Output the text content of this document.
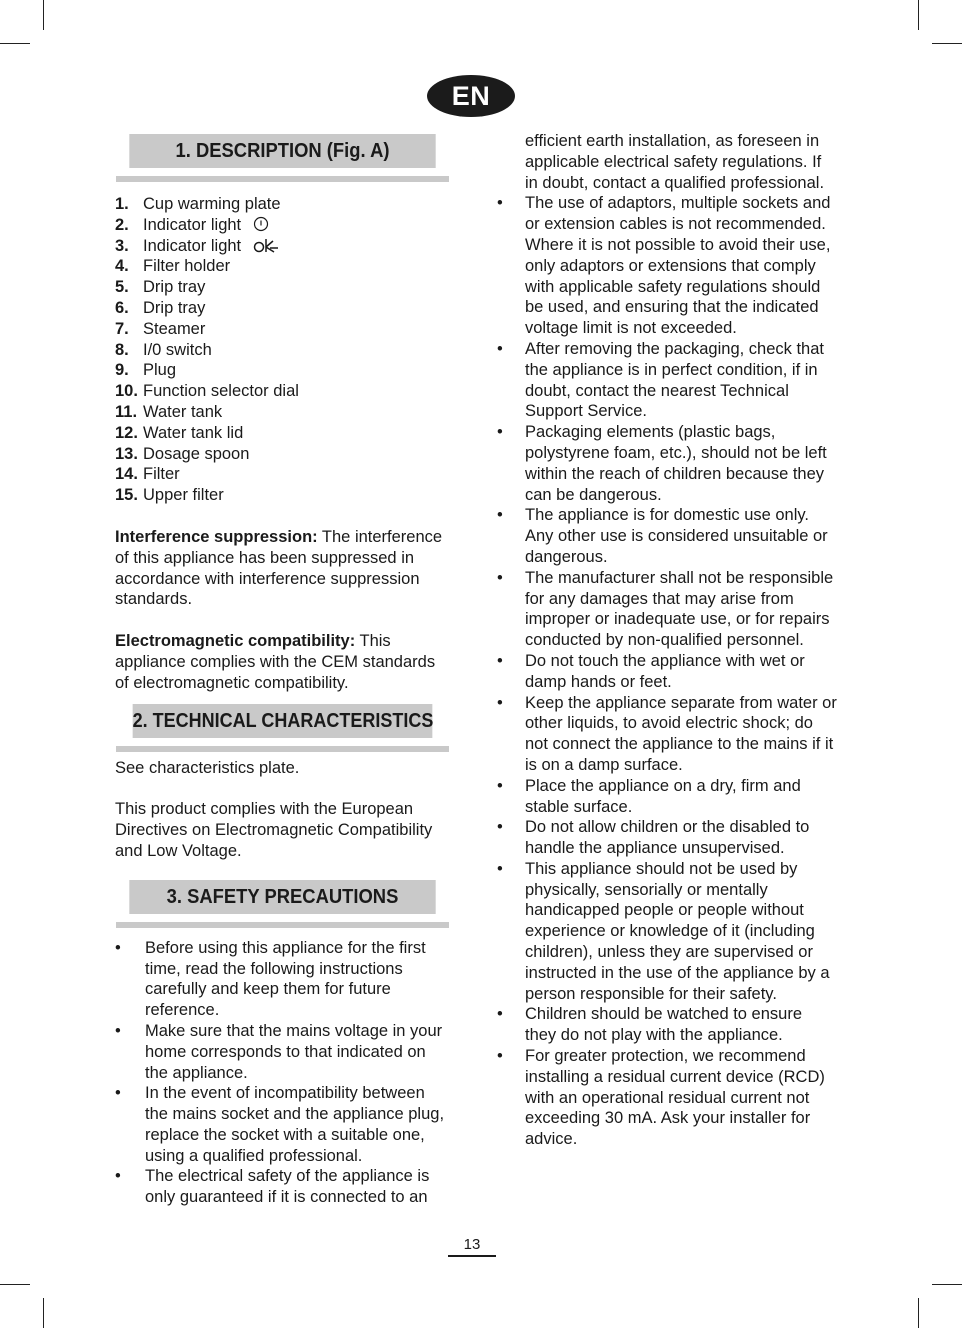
EN
1. DESCRIPTION (Fig. A)
1. Cup warming plate
2. Indicator light
3. Indicator light
4. Filter holder
5. Drip tray
6. Drip tray
7. Steamer
8. I/0 switch
9. Plug
10. Function selector dial
11. Water tank
12. Water tank lid
13. Dosage spoon
14. Filter
15. Upper filter

Interference suppression: The interference of this appliance has been suppressed in accordance with interference suppression standards.

Electromagnetic compatibility: This appliance complies with the CEM standards of electromagnetic compatibility.

2. TECHNICAL CHARACTERISTICS

See characteristics plate.

This product complies with the European Directives on Electromagnetic Compatibility and Low Voltage.

3. SAFETY PRECAUTIONS
• Before using this appliance for the first time, read the following instructions carefully and keep them for future reference.
• Make sure that the mains voltage in your home corresponds to that indicated on the appliance.
• In the event of incompatibility between the mains socket and the appliance plug, replace the socket with a suitable one, using a qualified professional.
• The electrical safety of the appliance is only guaranteed if it is connected to an

efficient earth installation, as foreseen in applicable electrical safety regulations. If in doubt, contact a qualified professional.

• The use of adaptors, multiple sockets and or extension cables is not recommended. Where it is not possible to avoid their use, only adaptors or extensions that comply with applicable safety regulations should be used, and ensuring that the indicated voltage limit is not exceeded.
• After removing the packaging, check that the appliance is in perfect condition, if in doubt, contact the nearest Technical Support Service.
• Packaging elements (plastic bags, polystyrene foam, etc.), should not be left within the reach of children because they can be dangerous.
• The appliance is for domestic use only. Any other use is considered unsuitable or dangerous.
• The manufacturer shall not be responsible for any damages that may arise from improper or inadequate use, or for repairs conducted by non-qualified personnel.
• Do not touch the appliance with wet or damp hands or feet.
• Keep the appliance separate from water or other liquids, to avoid electric shock; do not connect the appliance to the mains if it is on a damp surface.
• Place the appliance on a dry, firm and stable surface.
• Do not allow children or the disabled to handle the appliance unsupervised.
• This appliance should not be used by physically, sensorially or mentally handicapped people or people without experience or knowledge of it (including children), unless they are supervised or instructed in the use of the appliance by a person responsible for their safety.
• Children should be watched to ensure they do not play with the appliance.
• For greater protection, we recommend installing a residual current device (RCD) with an operational residual current not exceeding 30 mA. Ask your installer for advice.
13
